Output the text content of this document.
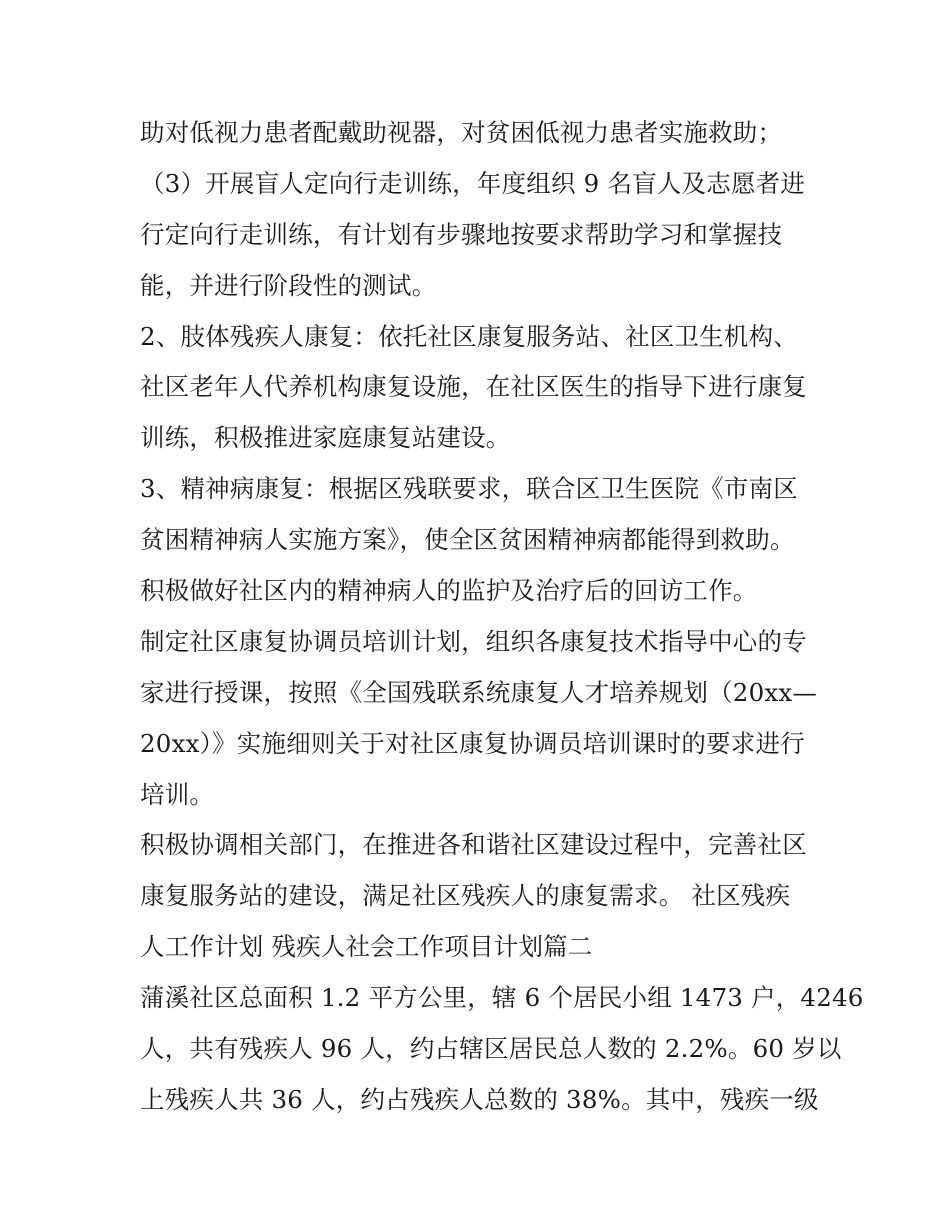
助对低视力患者配戴助视器，对贫困低视力患者实施救助；
（3）开展盲人定向行走训练，年度组织 9 名盲人及志愿者进
行定向行走训练，有计划有步骤地按要求帮助学习和掌握技
能，并进行阶段性的测试。
2、肢体残疾人康复：依托社区康复服务站、社区卫生机构、
社区老年人代养机构康复设施，在社区医生的指导下进行康复
训练，积极推进家庭康复站建设。
3、精神病康复：根据区残联要求，联合区卫生医院《市南区
贫困精神病人实施方案》，使全区贫困精神病都能得到救助。
积极做好社区内的精神病人的监护及治疗后的回访工作。
制定社区康复协调员培训计划，组织各康复技术指导中心的专
家进行授课，按照《全国残联系统康复人才培养规划（20xx—
20xx）》实施细则关于对社区康复协调员培训课时的要求进行
培训。
积极协调相关部门，在推进各和谐社区建设过程中，完善社区
康复服务站的建设，满足社区残疾人的康复需求。 社区残疾
人工作计划 残疾人社会工作项目计划篇二
蒲溪社区总面积 1.2 平方公里，辖 6 个居民小组 1473 户，4246
人，共有残疾人 96 人，约占辖区居民总人数的 2.2%。60 岁以
上残疾人共 36 人，约占残疾人总数的 38%。其中，残疾一级
